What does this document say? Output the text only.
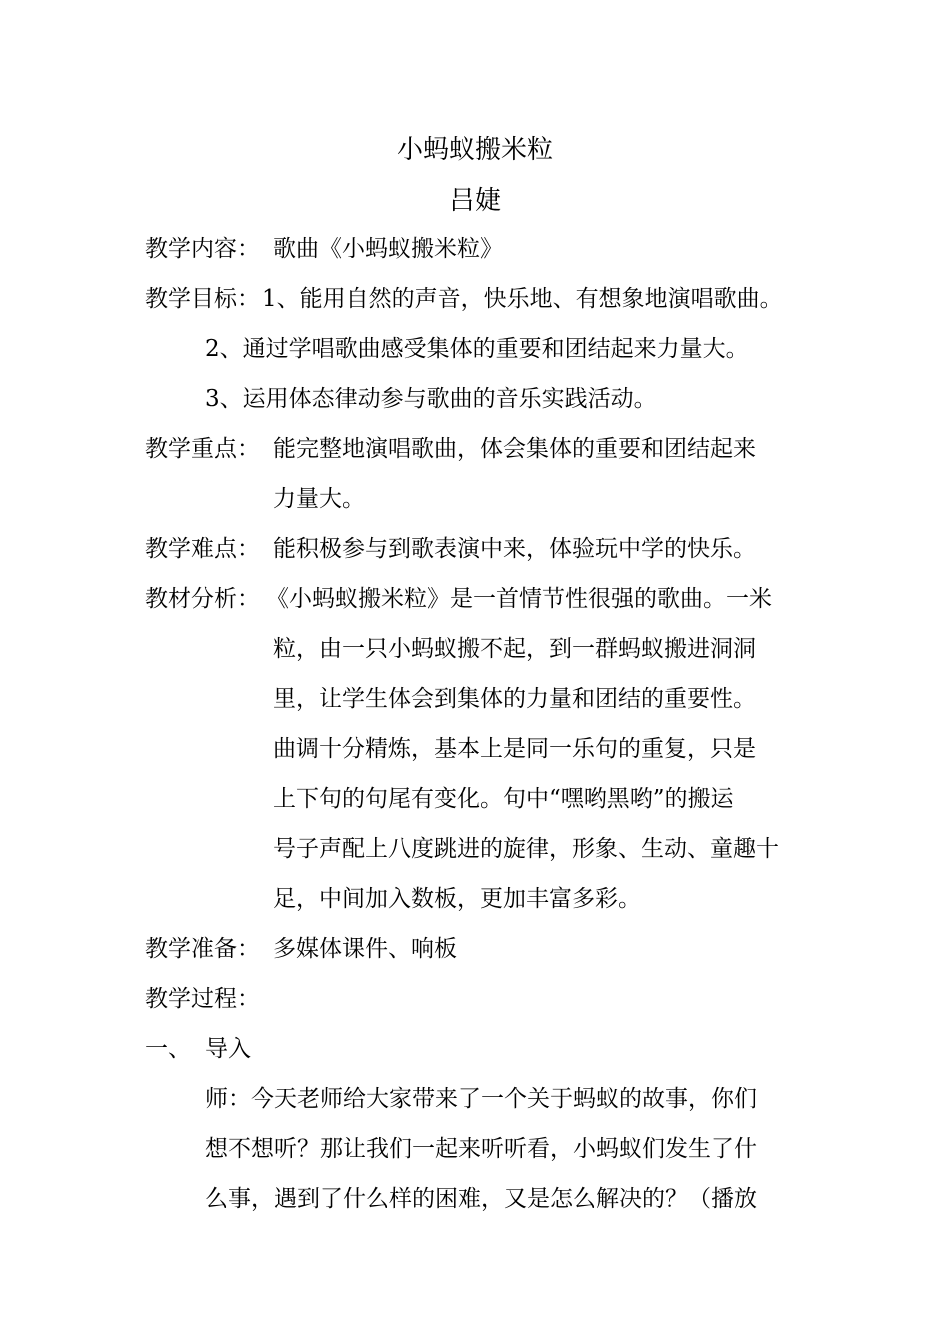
小蚂蚁搬米粒
吕婕
教学内容： 歌曲《小蚂蚁搬米粒》
教学目标： 1、能用自然的声音，快乐地、有想象地演唱歌曲。
2、通过学唱歌曲感受集体的重要和团结起来力量大。
3、运用体态律动参与歌曲的音乐实践活动。
教学重点： 能完整地演唱歌曲，体会集体的重要和团结起来
力量大。
教学难点： 能积极参与到歌表演中来，体验玩中学的快乐。
教材分析： 《小蚂蚁搬米粒》是一首情节性很强的歌曲。一米
粒，由一只小蚂蚁搬不起，到一群蚂蚁搬进洞洞
里，让学生体会到集体的力量和团结的重要性。
曲调十分精炼，基本上是同一乐句的重复，只是
上下句的句尾有变化。句中“嘿哟黑哟”的搬运
号子声配上八度跳进的旋律，形象、生动、童趣十
足，中间加入数板，更加丰富多彩。
教学准备： 多媒体课件、响板
教学过程：
一、 导入
师：今天老师给大家带来了一个关于蚂蚁的故事，你们
想不想听？那让我们一起来听听看，小蚂蚁们发生了什
么事，遇到了什么样的困难，又是怎么解决的？（播放
